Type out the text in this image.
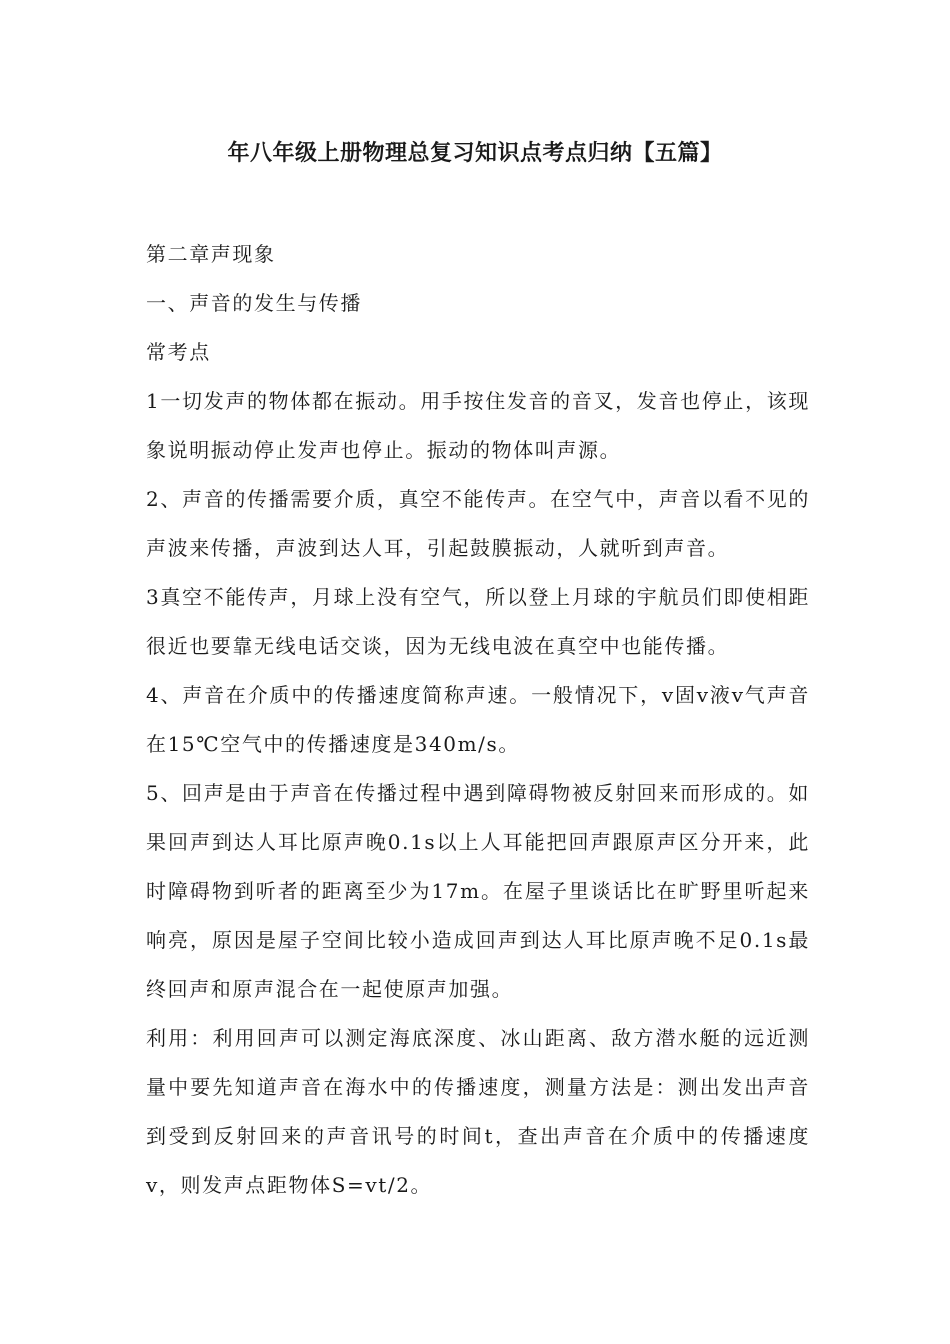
年八年级上册物理总复习知识点考点归纳【五篇】

第二章声现象

一、声音的发生与传播

常考点

1一切发声的物体都在振动。用手按住发音的音叉，发音也停止，该现象说明振动停止发声也停止。振动的物体叫声源。

2、声音的传播需要介质，真空不能传声。在空气中，声音以看不见的声波来传播，声波到达人耳，引起鼓膜振动，人就听到声音。

3真空不能传声，月球上没有空气，所以登上月球的宇航员们即使相距很近也要靠无线电话交谈，因为无线电波在真空中也能传播。

4、声音在介质中的传播速度简称声速。一般情况下，v固v液v气声音在15℃空气中的传播速度是340m/s。

5、回声是由于声音在传播过程中遇到障碍物被反射回来而形成的。如果回声到达人耳比原声晚0.1s以上人耳能把回声跟原声区分开来，此时障碍物到听者的距离至少为17m。在屋子里谈话比在旷野里听起来响亮，原因是屋子空间比较小造成回声到达人耳比原声晚不足0.1s最终回声和原声混合在一起使原声加强。

利用：利用回声可以测定海底深度、冰山距离、敌方潜水艇的远近测量中要先知道声音在海水中的传播速度，测量方法是：测出发出声音到受到反射回来的声音讯号的时间t，查出声音在介质中的传播速度v，则发声点距物体S=vt/2。
